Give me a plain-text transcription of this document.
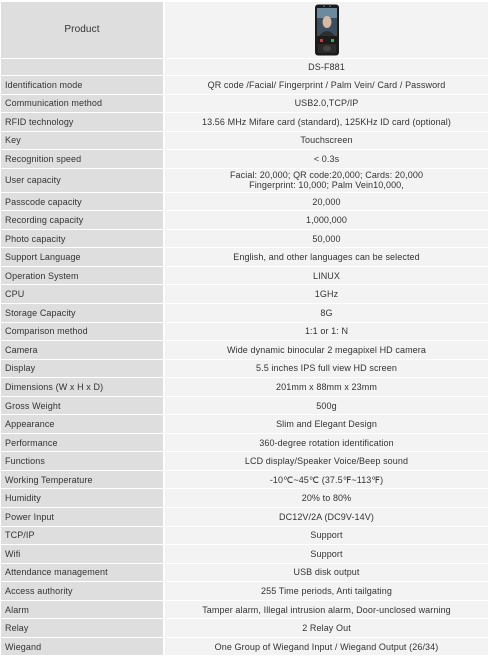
Product	

	DS-F881
Identification mode	QR code /Facial/ Fingerprint / Palm Vein/ Card / Password
Communication method	USB2.0,TCP/IP
RFID technology	13.56 MHz Mifare card (standard), 125KHz ID card (optional)
Key	Touchscreen
Recognition speed	< 0.3s
User capacity	Facial: 20,000; QR code:20,000; Cards: 20,000
Fingerprint: 10,000; Palm Vein10,000,

Passcode capacity	20,000
Recording capacity	1,000,000
Photo capacity	50,000
Support Language	English, and other languages can be selected
Operation System	LINUX
CPU	1GHz
Storage Capacity	8G
Comparison method	1:1 or 1: N
Camera	Wide dynamic binocular 2 megapixel HD camera
Display	5.5 inches IPS full view HD screen
Dimensions (W x H x D)	201mm x 88mm x 23mm
Gross Weight	500g
Appearance	Slim and Elegant Design
Performance	360-degree rotation identification
Functions	LCD display/Speaker Voice/Beep sound
Working Temperature	-10℃~45℃ (37.5℉~113℉)
Humidity	20% to 80%
Power Input	DC12V/2A (DC9V-14V)
TCP/IP	Support
Wifi	Support
Attendance management	USB disk output
Access authority	255 Time periods, Anti tailgating
Alarm	Tamper alarm, Illegal intrusion alarm, Door-unclosed warning
Relay	2 Relay Out
Wiegand	One Group of Wiegand Input / Wiegand Output (26/34)
